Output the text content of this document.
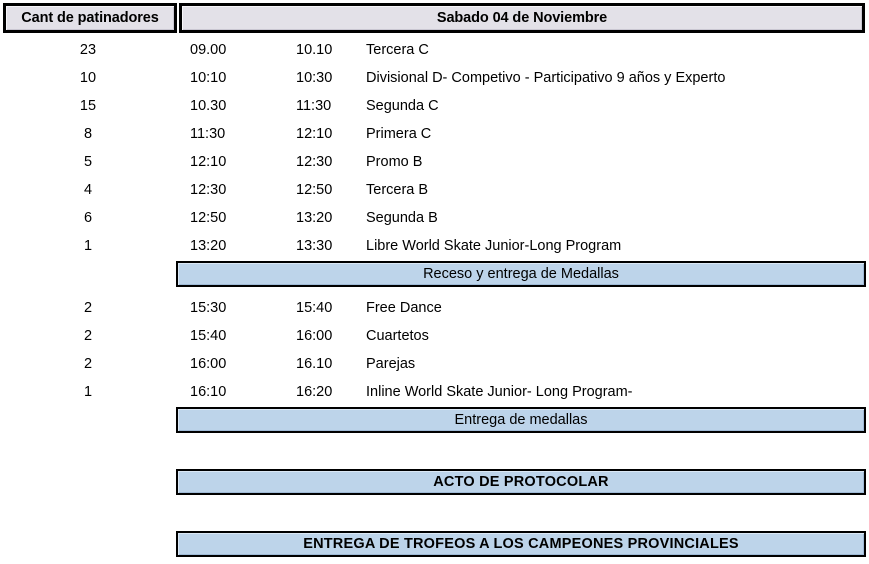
Cant de patinadores	Sabado 04 de Noviembre
23	09.00	10.10	Tercera C
10	10:10	10:30	Divisional D- Competivo - Participativo 9 años y Experto
15	10.30	11:30	Segunda C
8	11:30	12:10	Primera C
5	12:10	12:30	Promo B
4	12:30	12:50	Tercera B
6	12:50	13:20	Segunda B
1	13:20	13:30	Libre World Skate Junior-Long Program
Receso y entrega de Medallas
2	15:30	15:40	Free Dance
2	15:40	16:00	Cuartetos
2	16:00	16.10	Parejas
1	16:10	16:20	Inline World Skate Junior- Long Program-
Entrega de medallas
ACTO DE PROTOCOLAR
ENTREGA DE TROFEOS A LOS CAMPEONES PROVINCIALES
